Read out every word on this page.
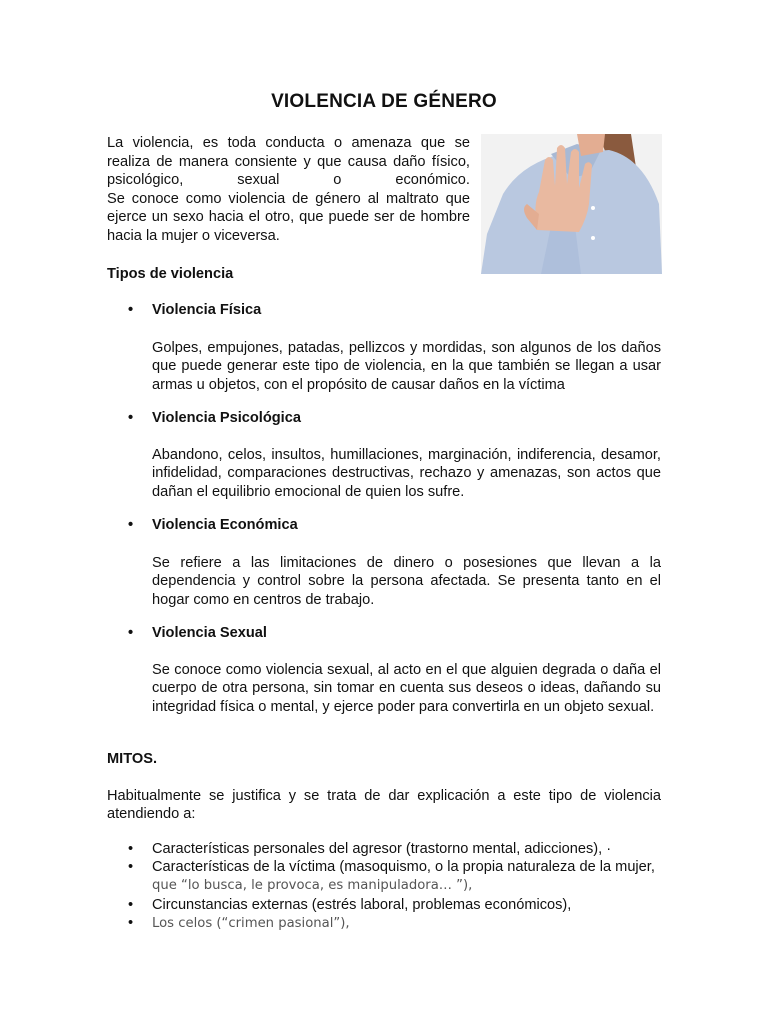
VIOLENCIA DE GÉNERO
La violencia, es toda conducta o amenaza que se
realiza de manera consiente y que causa daño físico,
psicológico,	sexual	o	económico.
Se conoce como violencia de género al maltrato que
ejerce un sexo hacia el otro, que puede ser de hombre
hacia la mujer o viceversa.

Tipos de violencia

• Violencia Física

Golpes, empujones, patadas, pellizcos y mordidas, son algunos de los daños que puede generar este tipo de violencia, en la que también se llegan a usar armas u objetos, con el propósito de causar daños en la víctima

• Violencia Psicológica

Abandono, celos, insultos, humillaciones, marginación, indiferencia, desamor, infidelidad, comparaciones destructivas, rechazo y amenazas, son actos que dañan el equilibrio emocional de quien los sufre.

• Violencia Económica

Se refiere a las limitaciones de dinero o posesiones que llevan a la dependencia y control sobre la persona afectada. Se presenta tanto en el hogar como en centros de trabajo.

• Violencia Sexual

Se conoce como violencia sexual, al acto en el que alguien degrada o daña el cuerpo de otra persona, sin tomar en cuenta sus deseos o ideas, dañando su integridad física o mental, y ejerce poder para convertirla en un objeto sexual.

MITOS.

Habitualmente se justifica y se trata de dar explicación a este tipo de violencia atendiendo a:

• Características personales del agresor (trastorno mental, adicciones), ·
• Características de la víctima (masoquismo, o la propia naturaleza de la mujer,
que “lo busca, le provoca, es manipuladora… ”),
• Circunstancias externas (estrés laboral, problemas económicos),
• Los celos (“crimen pasional”),
